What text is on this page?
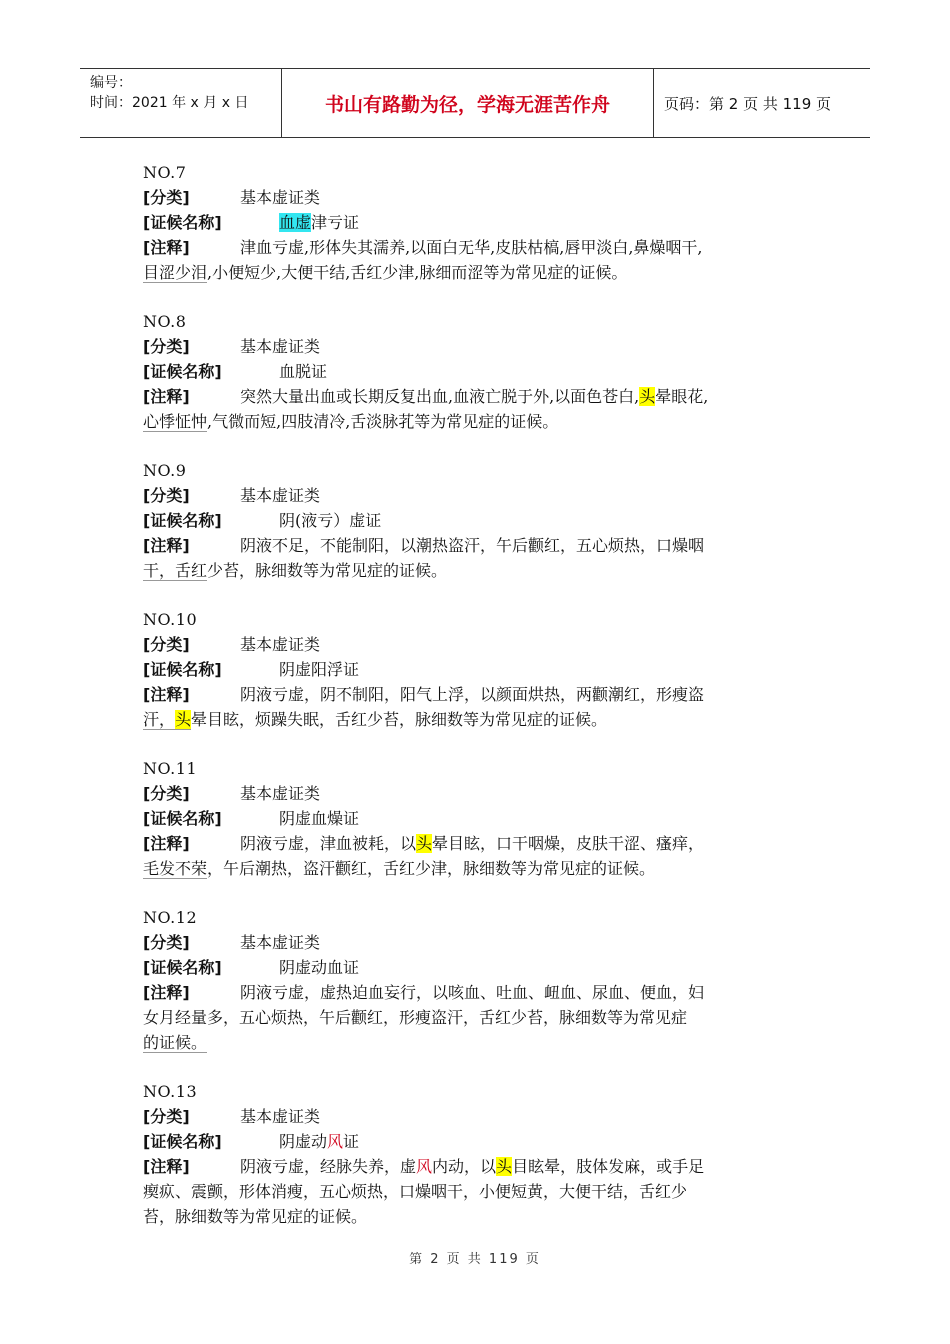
编号：
时间：2021 年 x 月 x 日	书山有路勤为径，学海无涯苦作舟	页码：第 2 页 共 119 页
NO.7
[分类]	基本虚证类
[证候名称]	血虚津亏证
[注释]	津血亏虚,形体失其濡养,以面白无华,皮肤枯槁,唇甲淡白,鼻燥咽干,
目涩少泪,小便短少,大便干结,舌红少津,脉细而涩等为常见症的证候。
NO.8
[分类]	基本虚证类
[证候名称]	血脱证
[注释]	突然大量出血或长期反复出血,血液亡脱于外,以面色苍白,头晕眼花,
心悸怔忡,气微而短,四肢清冷,舌淡脉芤等为常见症的证候。
NO.9
[分类]	基本虚证类
[证候名称]	阴(液亏）虚证
[注释]	阴液不足，不能制阳，以潮热盗汗，午后颧红，五心烦热，口燥咽
干，舌红少苔，脉细数等为常见症的证候。
NO.10
[分类]	基本虚证类
[证候名称]	阴虚阳浮证
[注释]	阴液亏虚，阴不制阳，阳气上浮，以颜面烘热，两颧潮红，形瘦盗
汗，头晕目眩，烦躁失眠，舌红少苔，脉细数等为常见症的证候。
NO.11
[分类]	基本虚证类
[证候名称]	阴虚血燥证
[注释]	阴液亏虚，津血被耗，以头晕目眩，口干咽燥，皮肤干涩、瘙痒，
毛发不荣，午后潮热，盗汗颧红，舌红少津，脉细数等为常见症的证候。
NO.12
[分类]	基本虚证类
[证候名称]	阴虚动血证
[注释]	阴液亏虚，虚热迫血妄行，以咳血、吐血、衄血、尿血、便血，妇
女月经量多，五心烦热，午后颧红，形瘦盗汗，舌红少苔，脉细数等为常见症
的证候。
NO.13
[分类]	基本虚证类
[证候名称]	阴虚动风证
[注释]	阴液亏虚，经脉失养，虚风内动，以头目眩晕，肢体发麻，或手足
瘈疭、震颤，形体消瘦，五心烦热，口燥咽干，小便短黄，大便干结，舌红少
苔，脉细数等为常见症的证候。
第 2 页 共 119 页
